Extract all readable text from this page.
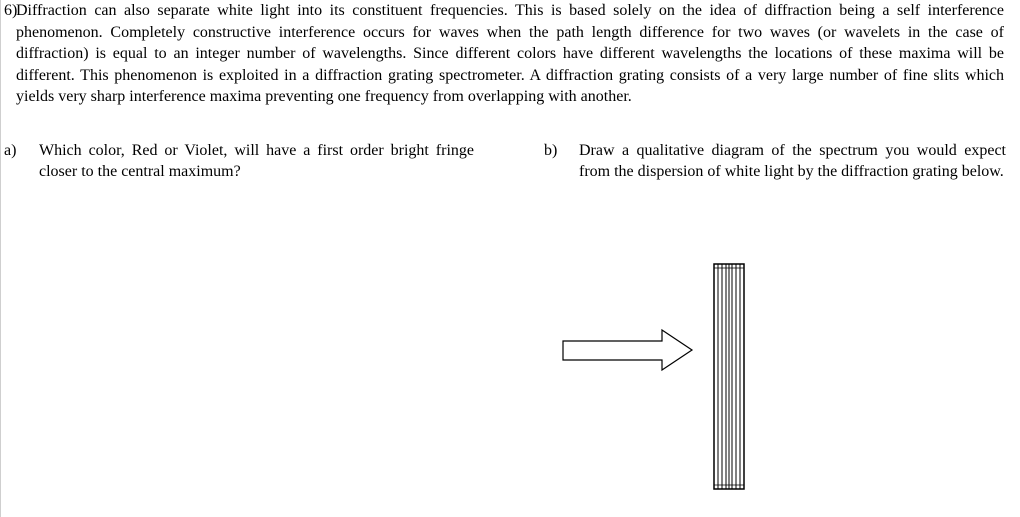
6)
Diffraction can also separate white light into its constituent frequencies. This is based solely on the idea of diffraction being a self interference phenomenon. Completely constructive interference occurs for waves when the path length difference for two waves (or wavelets in the case of diffraction) is equal to an integer number of wavelengths. Since different colors have different wavelengths the locations of these maxima will be different. This phenomenon is exploited in a diffraction grating spectrometer. A diffraction grating consists of a very large number of fine slits which yields very sharp interference maxima preventing one frequency from overlapping with another.
a) Which color, Red or Violet, will have a first order bright fringe closer to the central maximum?
b) Draw a qualitative diagram of the spectrum you would expect from the dispersion of white light by the diffraction grating below.
